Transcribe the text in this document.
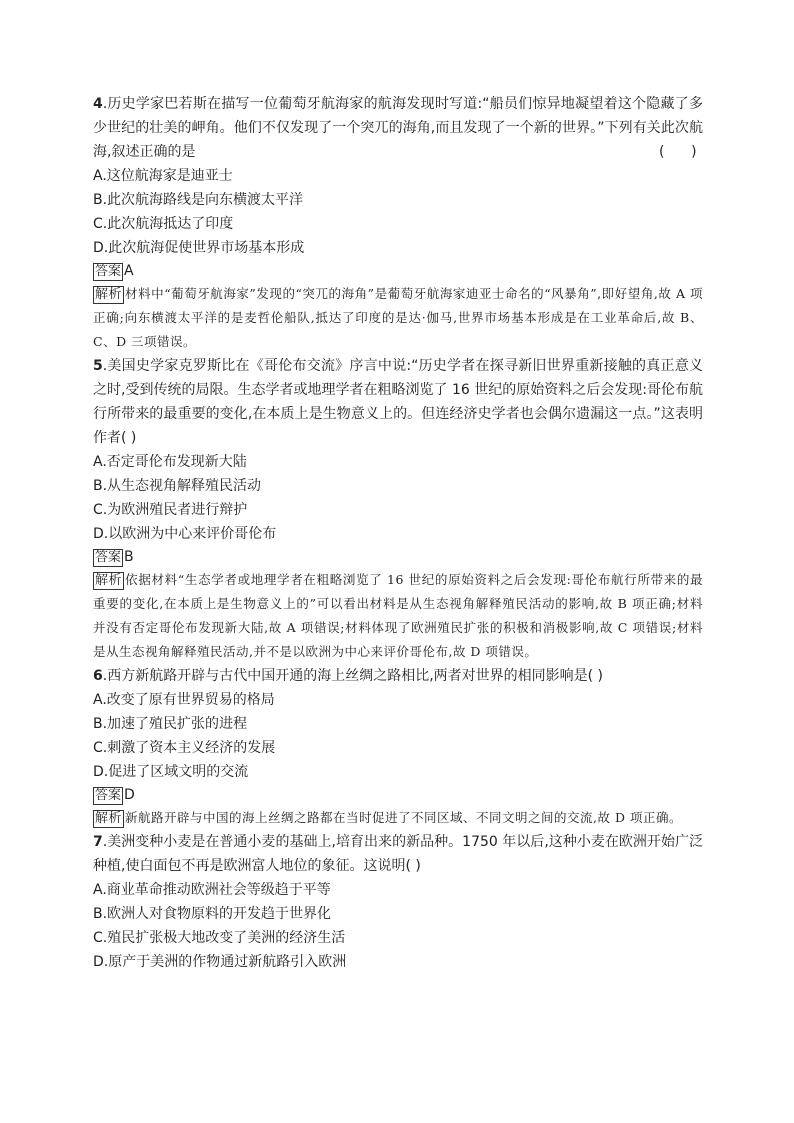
4.历史学家巴若斯在描写一位葡萄牙航海家的航海发现时写道:“船员们惊异地凝望着这个隐藏了多少世纪的壮美的岬角。他们不仅发现了一个突兀的海角,而且发现了一个新的世界。”下列有关此次航海,叙述正确的是	(      )

A.这位航海家是迪亚士

B.此次航海路线是向东横渡太平洋

C.此次航海抵达了印度

D.此次航海促使世界市场基本形成

答案 A

解析 材料中“葡萄牙航海家”发现的“突兀的海角”是葡萄牙航海家迪亚士命名的“风暴角”,即好望角,故 A 项正确;向东横渡太平洋的是麦哲伦船队,抵达了印度的是达·伽马,世界市场基本形成是在工业革命后,故 B、C、D 三项错误。

5.美国史学家克罗斯比在《哥伦布交流》序言中说:“历史学者在探寻新旧世界重新接触的真正意义之时,受到传统的局限。生态学者或地理学者在粗略浏览了 16 世纪的原始资料之后会发现:哥伦布航行所带来的最重要的变化,在本质上是生物意义上的。但连经济史学者也会偶尔遗漏这一点。”这表明作者( )

A.否定哥伦布发现新大陆

B.从生态视角解释殖民活动

C.为欧洲殖民者进行辩护

D.以欧洲为中心来评价哥伦布

答案 B

解析 依据材料“生态学者或地理学者在粗略浏览了 16 世纪的原始资料之后会发现:哥伦布航行所带来的最重要的变化,在本质上是生物意义上的”可以看出材料是从生态视角解释殖民活动的影响,故 B 项正确;材料并没有否定哥伦布发现新大陆,故 A 项错误;材料体现了欧洲殖民扩张的积极和消极影响,故 C 项错误;材料是从生态视角解释殖民活动,并不是以欧洲为中心来评价哥伦布,故 D 项错误。

6.西方新航路开辟与古代中国开通的海上丝绸之路相比,两者对世界的相同影响是( )

A.改变了原有世界贸易的格局

B.加速了殖民扩张的进程

C.刺激了资本主义经济的发展

D.促进了区域文明的交流

答案 D

解析 新航路开辟与中国的海上丝绸之路都在当时促进了不同区域、不同文明之间的交流,故 D 项正确。

7.美洲变种小麦是在普通小麦的基础上,培育出来的新品种。1750 年以后,这种小麦在欧洲开始广泛种植,使白面包不再是欧洲富人地位的象征。这说明( )

A.商业革命推动欧洲社会等级趋于平等

B.欧洲人对食物原料的开发趋于世界化

C.殖民扩张极大地改变了美洲的经济生活

D.原产于美洲的作物通过新航路引入欧洲
